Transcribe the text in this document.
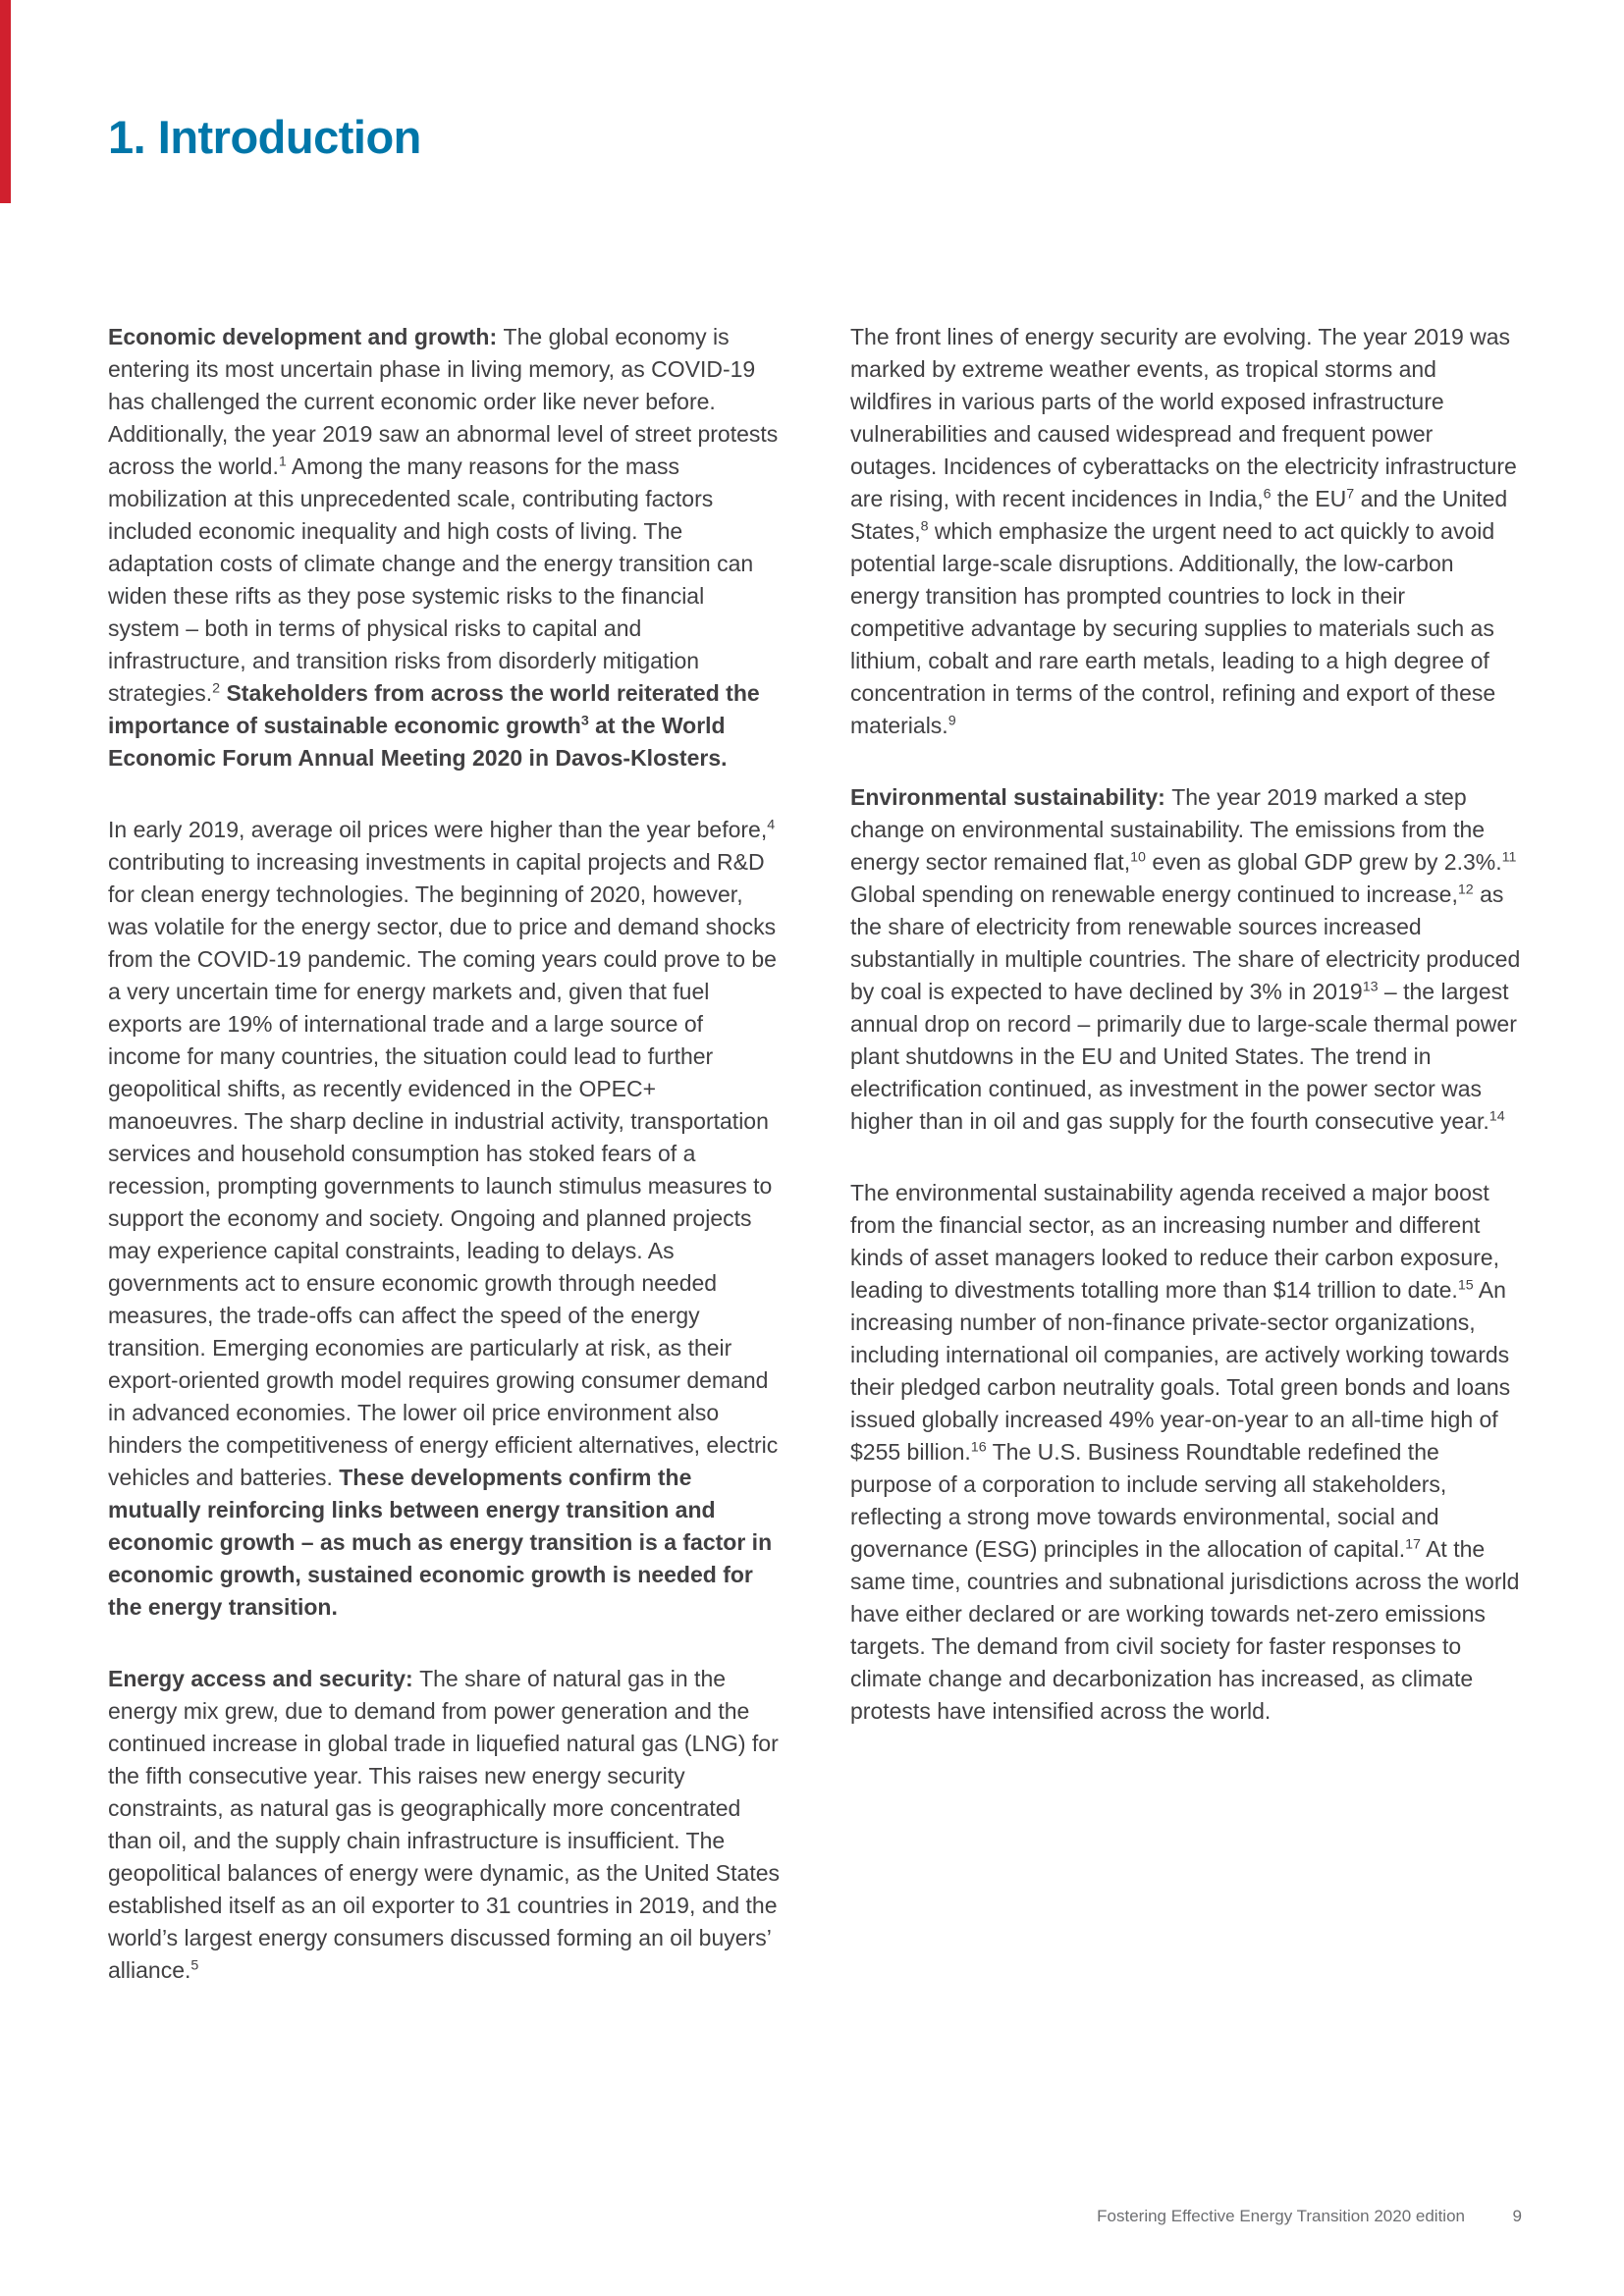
1. Introduction

Economic development and growth: The global economy is entering its most uncertain phase in living memory, as COVID-19 has challenged the current economic order like never before. Additionally, the year 2019 saw an abnormal level of street protests across the world.$^1$ Among the many reasons for the mass mobilization at this unprecedented scale, contributing factors included economic inequality and high costs of living. The adaptation costs of climate change and the energy transition can widen these rifts as they pose systemic risks to the financial system – both in terms of physical risks to capital and infrastructure, and transition risks from disorderly mitigation strategies.$^2$ Stakeholders from across the world reiterated the importance of sustainable economic growth$^3$ at the World Economic Forum Annual Meeting 2020 in Davos-Klosters.

In early 2019, average oil prices were higher than the year before,$^4$ contributing to increasing investments in capital projects and R&D for clean energy technologies. The beginning of 2020, however, was volatile for the energy sector, due to price and demand shocks from the COVID-19 pandemic. The coming years could prove to be a very uncertain time for energy markets and, given that fuel exports are 19% of international trade and a large source of income for many countries, the situation could lead to further geopolitical shifts, as recently evidenced in the OPEC+ manoeuvres. The sharp decline in industrial activity, transportation services and household consumption has stoked fears of a recession, prompting governments to launch stimulus measures to support the economy and society. Ongoing and planned projects may experience capital constraints, leading to delays. As governments act to ensure economic growth through needed measures, the trade-offs can affect the speed of the energy transition. Emerging economies are particularly at risk, as their export-oriented growth model requires growing consumer demand in advanced economies. The lower oil price environment also hinders the competitiveness of energy efficient alternatives, electric vehicles and batteries. These developments confirm the mutually reinforcing links between energy transition and economic growth – as much as energy transition is a factor in economic growth, sustained economic growth is needed for the energy transition.

Energy access and security: The share of natural gas in the energy mix grew, due to demand from power generation and the continued increase in global trade in liquefied natural gas (LNG) for the fifth consecutive year. This raises new energy security constraints, as natural gas is geographically more concentrated than oil, and the supply chain infrastructure is insufficient. The geopolitical balances of energy were dynamic, as the United States established itself as an oil exporter to 31 countries in 2019, and the world’s largest energy consumers discussed forming an oil buyers’ alliance.$^5$

The front lines of energy security are evolving. The year 2019 was marked by extreme weather events, as tropical storms and wildfires in various parts of the world exposed infrastructure vulnerabilities and caused widespread and frequent power outages. Incidences of cyberattacks on the electricity infrastructure are rising, with recent incidences in India,$^6$ the $EU^7$ and the United States,$^8$ which emphasize the urgent need to act quickly to avoid potential large-scale disruptions. Additionally, the low-carbon energy transition has prompted countries to lock in their competitive advantage by securing supplies to materials such as lithium, cobalt and rare earth metals, leading to a high degree of concentration in terms of the control, refining and export of these materials.$^9$

Environmental sustainability: The year 2019 marked a step change on environmental sustainability. The emissions from the energy sector remained flat,$^{10}$ even as global GDP grew by 2.3%.$^{11}$ Global spending on renewable energy continued to increase,$^{12}$ as the share of electricity from renewable sources increased substantially in multiple countries. The share of electricity produced by coal is expected to have declined by 3% in 2019$^{13}$ – the largest annual drop on record – primarily due to large-scale thermal power plant shutdowns in the EU and United States. The trend in electrification continued, as investment in the power sector was higher than in oil and gas supply for the fourth consecutive year.$^{14}$

The environmental sustainability agenda received a major boost from the financial sector, as an increasing number and different kinds of asset managers looked to reduce their carbon exposure, leading to divestments totalling more than $14 trillion to date.$^{15}$ An increasing number of non-finance private-sector organizations, including international oil companies, are actively working towards their pledged carbon neutrality goals. Total green bonds and loans issued globally increased 49% year-on-year to an all-time high of $255 billion.$^{16}$ The U.S. Business Roundtable redefined the purpose of a corporation to include serving all stakeholders, reflecting a strong move towards environmental, social and governance (ESG) principles in the allocation of capital.$^{17}$ At the same time, countries and subnational jurisdictions across the world have either declared or are working towards net-zero emissions targets. The demand from civil society for faster responses to climate change and decarbonization has increased, as climate protests have intensified across the world.

Fostering Effective Energy Transition 2020 edition	9
